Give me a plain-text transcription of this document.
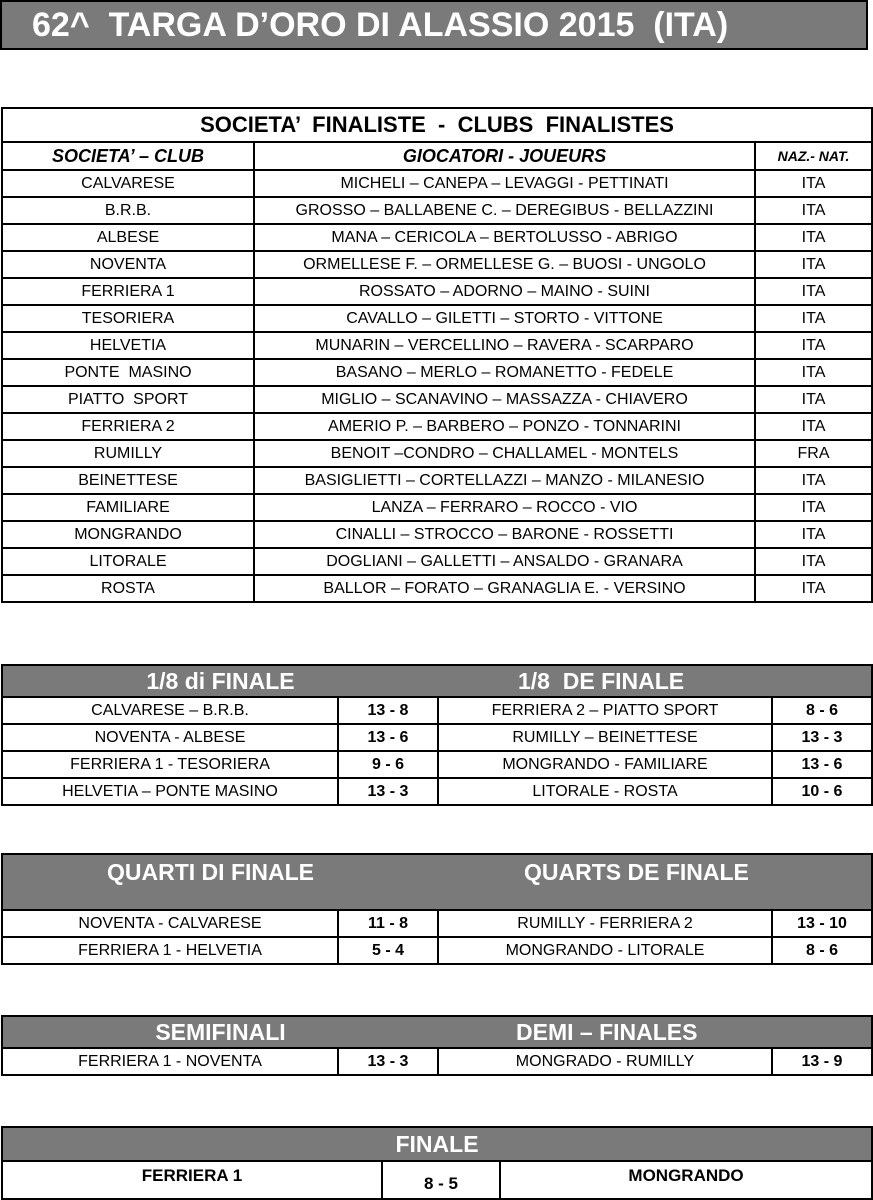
62^  TARGA D’ORO DI ALASSIO 2015  (ITA)
SOCIETA’  FINALISTE  -  CLUBS  FINALISTES		
SOCIETA’ – CLUB	GIOCATORI - JOUEURS	NAZ.- NAT.
CALVARESE	MICHELI – CANEPA – LEVAGGI - PETTINATI	ITA
B.R.B.	GROSSO – BALLABENE C. – DEREGIBUS - BELLAZZINI	ITA
ALBESE	MANA – CERICOLA – BERTOLUSSO - ABRIGO	ITA
NOVENTA	ORMELLESE F. – ORMELLESE G. – BUOSI - UNGOLO	ITA
FERRIERA 1	ROSSATO – ADORNO – MAINO - SUINI	ITA
TESORIERA	CAVALLO – GILETTI – STORTO - VITTONE	ITA
HELVETIA	MUNARIN – VERCELLINO – RAVERA - SCARPARO	ITA
PONTE  MASINO	BASANO – MERLO – ROMANETTO - FEDELE	ITA
PIATTO  SPORT	MIGLIO – SCANAVINO – MASSAZZA - CHIAVERO	ITA
FERRIERA 2	AMERIO P. – BARBERO – PONZO - TONNARINI	ITA
RUMILLY	BENOIT –CONDRO – CHALLAMEL - MONTELS	FRA
BEINETTESE	BASIGLIETTI – CORTELLAZZI – MANZO - MILANESIO	ITA
FAMILIARE	LANZA – FERRARO – ROCCO - VIO	ITA
MONGRANDO	CINALLI – STROCCO – BARONE - ROSSETTI	ITA
LITORALE	DOGLIANI – GALLETTI – ANSALDO - GRANARA	ITA
ROSTA	BALLOR – FORATO – GRANAGLIA E. - VERSINO	ITA
1/8 di FINALE		1/8  DE FINALE	
CALVARESE – B.R.B.	13 - 8	FERRIERA 2 – PIATTO SPORT	8 - 6
NOVENTA - ALBESE	13 - 6	RUMILLY – BEINETTESE	13 - 3
FERRIERA 1 - TESORIERA	9 - 6	MONGRANDO - FAMILIARE	13 - 6
HELVETIA – PONTE MASINO	13 - 3	LITORALE - ROSTA	10 - 6
QUARTI DI FINALE		QUARTS DE FINALE	
NOVENTA - CALVARESE	11 - 8	RUMILLY - FERRIERA 2	13 - 10
FERRIERA 1 - HELVETIA	5 - 4	MONGRANDO - LITORALE	8 - 6
SEMIFINALI		DEMI – FINALES	
FERRIERA 1 - NOVENTA	13 - 3	MONGRADO - RUMILLY	13 - 9
FINALE
FERRIERA 1	8 - 5	MONGRANDO
